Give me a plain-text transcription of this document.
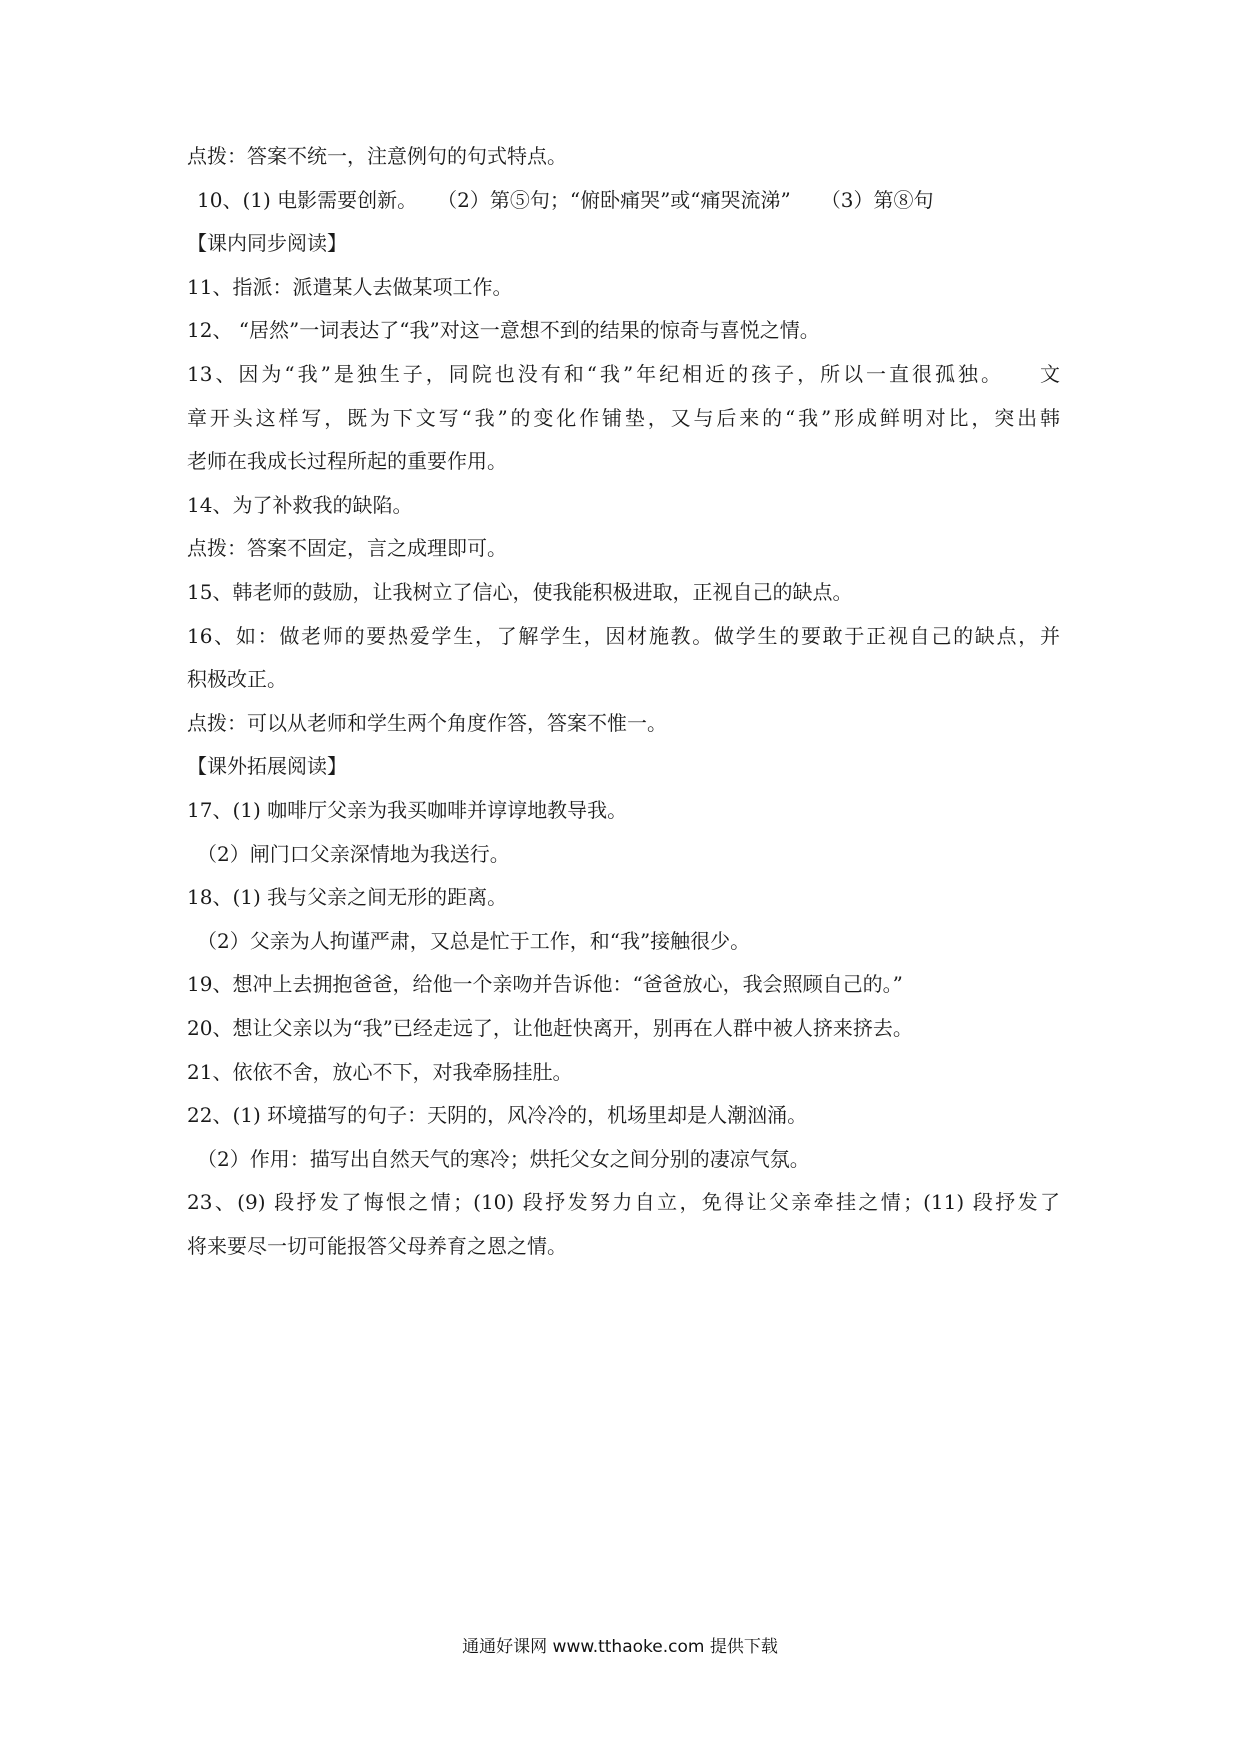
点拨：答案不统一，注意例句的句式特点。
10、(1) 电影需要创新。　　（2）第⑤句；“俯卧痛哭”或“痛哭流涕”　　（3）第⑧句
【课内同步阅读】
11、指派：派遣某人去做某项工作。
12、 “居然”一词表达了“我”对这一意想不到的结果的惊奇与喜悦之情。
13、因为“我”是独生子，同院也没有和“我”年纪相近的孩子，所以一直很孤独。　　文
章开头这样写，既为下文写“我”的变化作铺垫，又与后来的“我”形成鲜明对比，突出韩
老师在我成长过程所起的重要作用。
14、为了补救我的缺陷。
点拨：答案不固定，言之成理即可。
15、韩老师的鼓励，让我树立了信心，使我能积极进取，正视自己的缺点。
16、如：做老师的要热爱学生，了解学生，因材施教。做学生的要敢于正视自己的缺点，并
积极改正。
点拨：可以从老师和学生两个角度作答，答案不惟一。
【课外拓展阅读】
17、(1) 咖啡厅父亲为我买咖啡并谆谆地教导我。
（2）闸门口父亲深情地为我送行。
18、(1) 我与父亲之间无形的距离。
（2）父亲为人拘谨严肃，又总是忙于工作，和“我”接触很少。
19、想冲上去拥抱爸爸，给他一个亲吻并告诉他：“爸爸放心，我会照顾自己的。”
20、想让父亲以为“我”已经走远了，让他赶快离开，别再在人群中被人挤来挤去。
21、依依不舍，放心不下，对我牵肠挂肚。
22、(1) 环境描写的句子：天阴的，风冷冷的，机场里却是人潮汹涌。
（2）作用：描写出自然天气的寒冷；烘托父女之间分别的凄凉气氛。
23、(9) 段抒发了悔恨之情；(10) 段抒发努力自立，免得让父亲牵挂之情；(11) 段抒发了
将来要尽一切可能报答父母养育之恩之情。
通通好课网 www.tthaoke.com 提供下载
